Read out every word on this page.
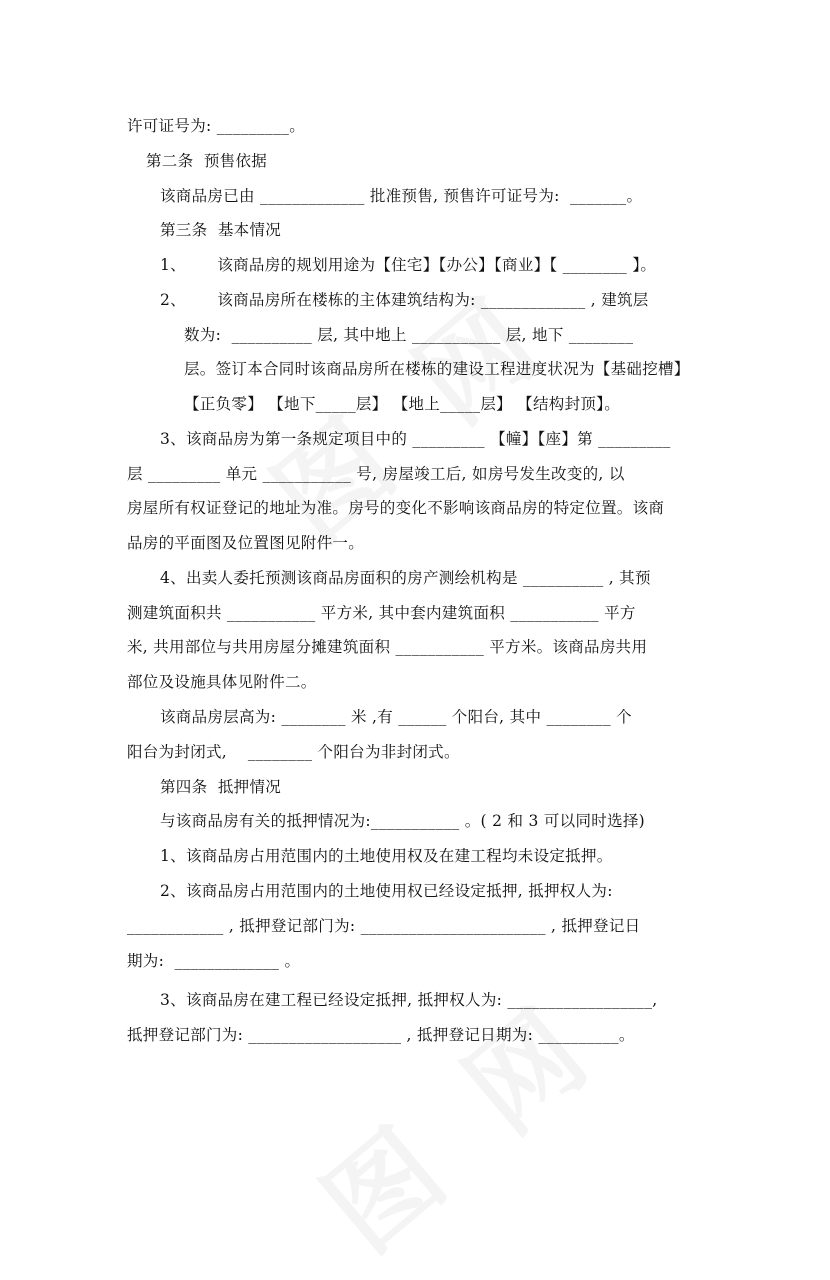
许可证号为: _________。
第二条  预售依据
该商品房已由 _____________ 批准预售, 预售许可证号为:  _______。
第三条  基本情况
1、      该商品房的规划用途为【住宅】【办公】【商业】【 ________ 】。
2、      该商品房所在楼栋的主体建筑结构为: _____________ , 建筑层
数为:  __________ 层, 其中地上 ___________ 层, 地下 ________
层。签订本合同时该商品房所在楼栋的建设工程进度状况为【基础挖槽】
【正负零】 【地下_____层】 【地上_____层】 【结构封顶】。
3、该商品房为第一条规定项目中的 _________ 【幢】【座】第 _________
层 _________ 单元 ___________ 号, 房屋竣工后, 如房号发生改变的, 以
房屋所有权证登记的地址为准。房号的变化不影响该商品房的特定位置。该商
品房的平面图及位置图见附件一。
4、出卖人委托预测该商品房面积的房产测绘机构是 __________ , 其预
测建筑面积共 ___________ 平方米, 其中套内建筑面积 ___________ 平方
米, 共用部位与共用房屋分摊建筑面积 ___________ 平方米。该商品房共用
部位及设施具体见附件二。
该商品房层高为: ________ 米 ,有 ______ 个阳台, 其中 ________ 个
阳台为封闭式,    ________ 个阳台为非封闭式。
第四条  抵押情况
与该商品房有关的抵押情况为:___________ 。( 2 和 3 可以同时选择)
1、该商品房占用范围内的土地使用权及在建工程均未设定抵押。
2、该商品房占用范围内的土地使用权已经设定抵押, 抵押权人为:
____________ , 抵押登记部门为: _______________________ , 抵押登记日
期为:  _____________ 。
3、该商品房在建工程已经设定抵押, 抵押权人为: __________________,
抵押登记部门为: ___________________ , 抵押登记日期为: __________。
